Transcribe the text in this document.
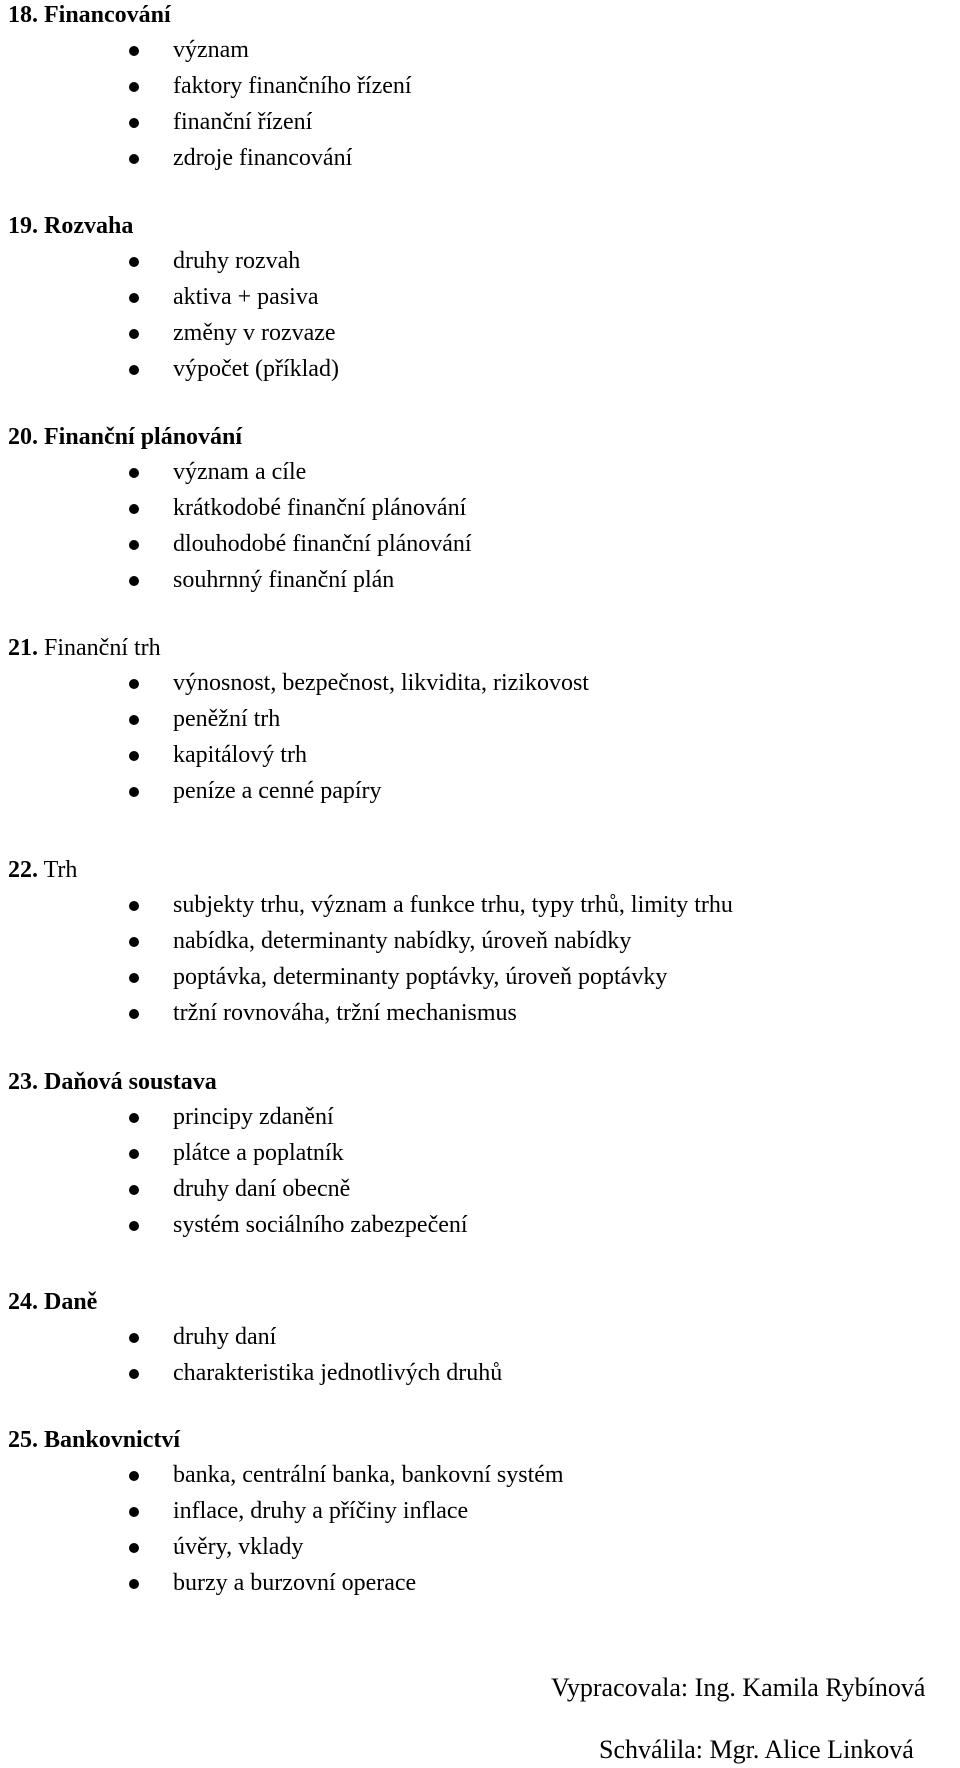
18. Financování
význam
faktory finančního řízení
finanční řízení
zdroje financování
19. Rozvaha
druhy rozvah
aktiva + pasiva
změny v rozvaze
výpočet (příklad)
20. Finanční plánování
význam a cíle
krátkodobé finanční plánování
dlouhodobé finanční plánování
souhrnný finanční plán
21. Finanční trh
výnosnost, bezpečnost, likvidita, rizikovost
peněžní trh
kapitálový trh
peníze a cenné papíry
22. Trh
subjekty trhu, význam a funkce trhu, typy trhů, limity trhu
nabídka, determinanty nabídky, úroveň nabídky
poptávka, determinanty poptávky, úroveň poptávky
tržní rovnováha, tržní mechanismus
23. Daňová soustava
principy zdanění
plátce a poplatník
druhy daní obecně
systém sociálního zabezpečení
24. Daně
druhy daní
charakteristika jednotlivých druhů
25. Bankovnictví
banka, centrální banka, bankovní systém
inflace, druhy a příčiny inflace
úvěry, vklady
burzy a burzovní operace
Vypracovala: Ing. Kamila Rybínová
Schválila: Mgr. Alice Linková
